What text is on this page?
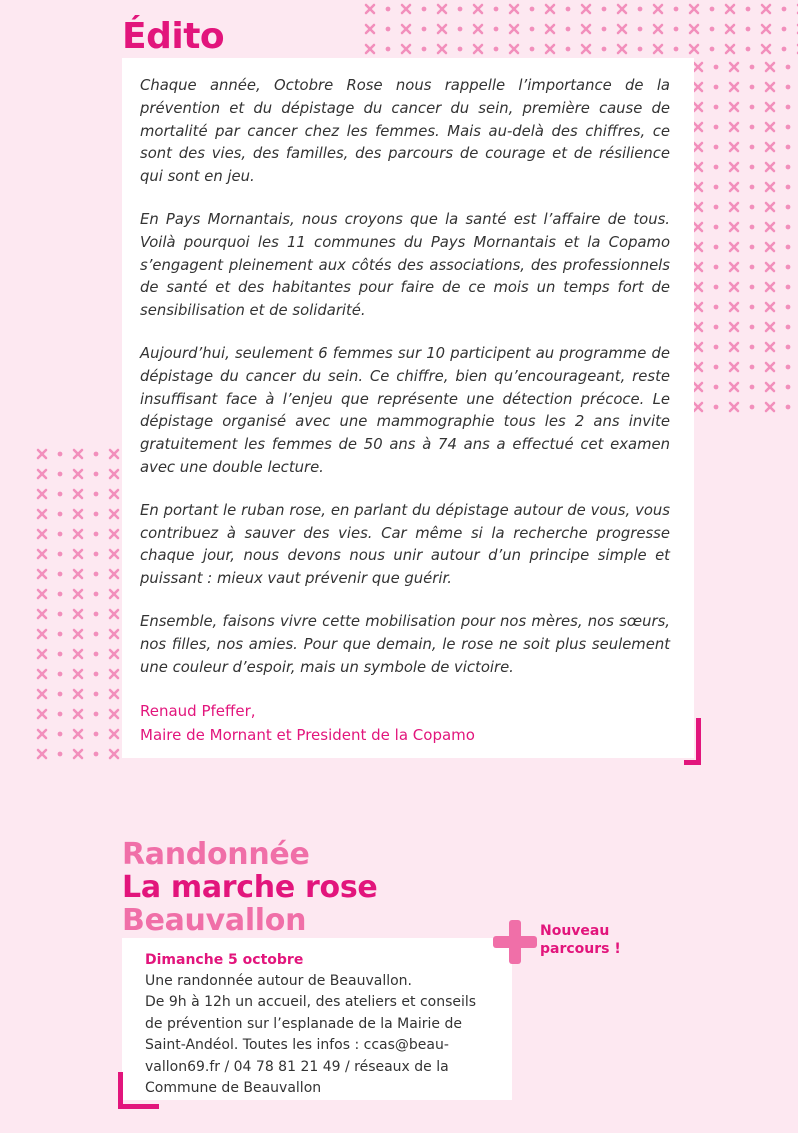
Édito

Chaque année, Octobre Rose nous rappelle l’importance de la prévention et du dépistage du cancer du sein, première cause de mortalité par cancer chez les femmes. Mais au-delà des chiffres, ce sont des vies, des familles, des parcours de courage et de résilience qui sont en jeu.

En Pays Mornantais, nous croyons que la santé est l’affaire de tous. Voilà pourquoi les 11 communes du Pays Mornantais et la Copamo s’engagent pleinement aux côtés des associations, des professionnels de santé et des habitantes pour faire de ce mois un temps fort de sensibilisation et de solidarité.

Aujourd’hui, seulement 6 femmes sur 10 participent au programme de dépistage du cancer du sein. Ce chiffre, bien qu’encourageant, reste insuffisant face à l’enjeu que représente une détection précoce. Le dépistage organisé avec une mammographie tous les 2 ans invite gratuitement les femmes de 50 ans à 74 ans a effectué cet examen avec une double lecture.

En portant le ruban rose, en parlant du dépistage autour de vous, vous contribuez à sauver des vies. Car même si la recherche progresse chaque jour, nous devons nous unir autour d’un principe simple et puissant : mieux vaut prévenir que guérir.

Ensemble, faisons vivre cette mobilisation pour nos mères, nos sœurs, nos filles, nos amies. Pour que demain, le rose ne soit plus seulement une couleur d’espoir, mais un symbole de victoire.

Renaud Pfeffer,
Maire de Mornant et President de la Copamo
Randonnée
La marche rose
Beauvallon

Dimanche 5 octobre

Une randonnée autour de Beauvallon.

De 9h à 12h un accueil, des ateliers et conseils

de prévention sur l’esplanade de la Mairie de

Saint-Andéol. Toutes les infos : ccas@beau-

vallon69.fr / 04 78 81 21 49 / réseaux de la

Commune de Beauvallon

Nouveau
parcours !
